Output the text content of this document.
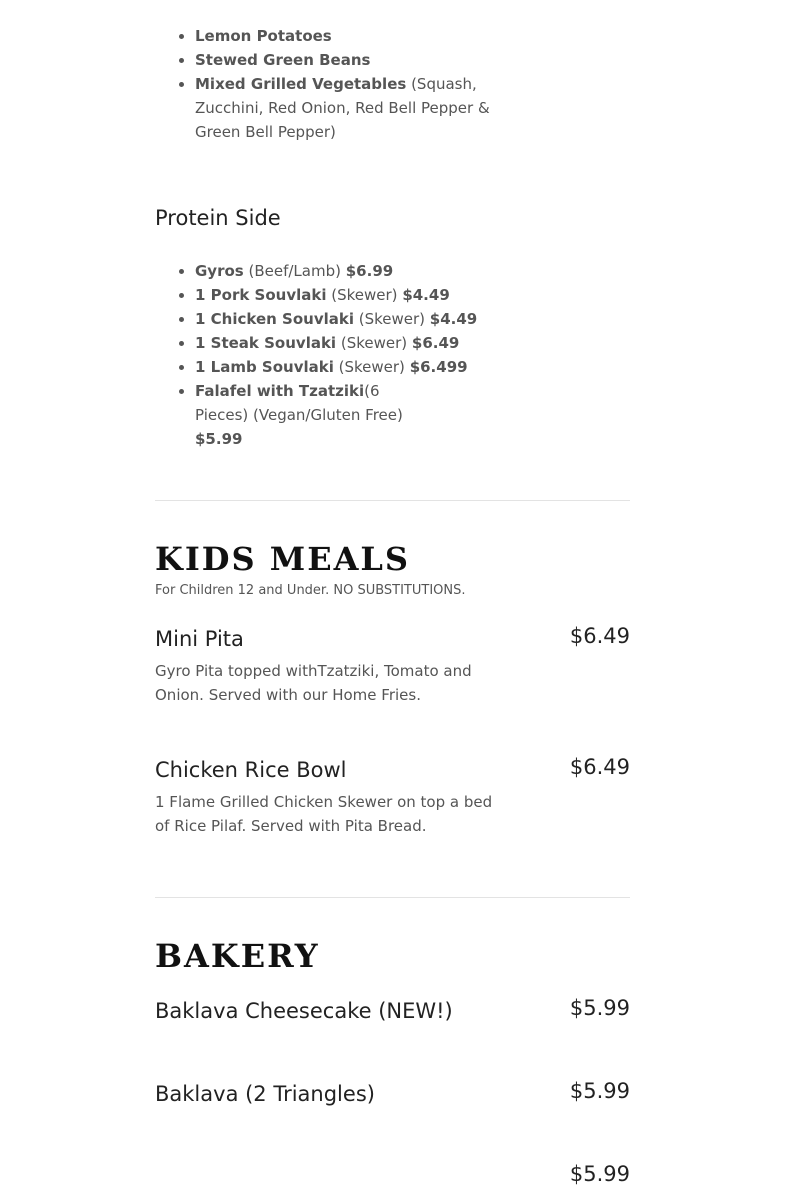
• Lemon Potatoes
• Stewed Green Beans
• Mixed Grilled Vegetables (Squash, Zucchini, Red Onion, Red Bell Pepper & Green Bell Pepper)
Protein Side
• Gyros (Beef/Lamb) $6.99
• 1 Pork Souvlaki (Skewer) $4.49
• 1 Chicken Souvlaki (Skewer) $4.49
• 1 Steak Souvlaki (Skewer) $6.49
• 1 Lamb Souvlaki (Skewer) $6.499
• Falafel with Tzatziki(6 Pieces) (Vegan/Gluten Free) $5.99
KIDS MEALS

For Children 12 and Under. NO SUBSTITUTIONS.

Mini Pita	$6.49
Gyro Pita topped withTzatziki, Tomato and Onion. Served with our Home Fries.
Chicken Rice Bowl	$6.49
1 Flame Grilled Chicken Skewer on top a bed of Rice Pilaf. Served with Pita Bread.
BAKERY
Baklava Cheesecake (NEW!)	$5.99
Baklava (2 Triangles)	$5.99
$5.99
